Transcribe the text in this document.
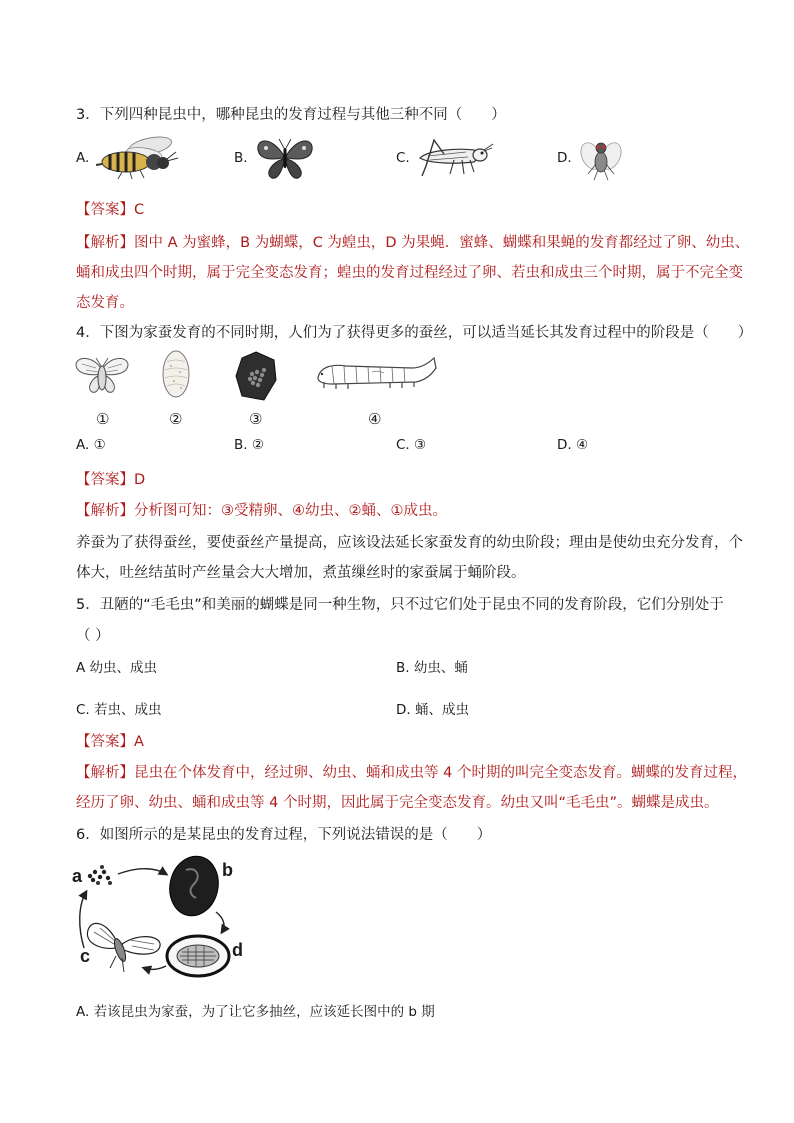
3．下列四种昆虫中，哪种昆虫的发育过程与其他三种不同（　　）
A.	B.	C.	D.
【答案】C
【解析】图中 A 为蜜蜂，B 为蝴蝶，C 为蝗虫，D 为果蝇．蜜蜂、蝴蝶和果蝇的发育都经过了卵、幼虫、
蛹和成虫四个时期，属于完全变态发育；蝗虫的发育过程经过了卵、若虫和成虫三个时期，属于不完全变
态发育。
4．下图为家蚕发育的不同时期，人们为了获得更多的蚕丝，可以适当延长其发育过程中的阶段是（　　）
①	②	③	④
A. ①	B. ②	C. ③	D. ④
【答案】D
【解析】分析图可知：③受精卵、④幼虫、②蛹、①成虫。
养蚕为了获得蚕丝，要使蚕丝产量提高，应该设法延长家蚕发育的幼虫阶段；理由是使幼虫充分发育，个
体大，吐丝结茧时产丝量会大大增加，煮茧缫丝时的家蚕属于蛹阶段。
5．丑陋的“毛毛虫”和美丽的蝴蝶是同一种生物，只不过它们处于昆虫不同的发育阶段，它们分别处于
（ ）
A 幼虫、成虫	B. 幼虫、蛹
C. 若虫、成虫	D. 蛹、成虫
【答案】A
【解析】昆虫在个体发育中，经过卵、幼虫、蛹和成虫等 4 个时期的叫完全变态发育。蝴蝶的发育过程，
经历了卵、幼虫、蛹和成虫等 4 个时期，因此属于完全变态发育。幼虫又叫“毛毛虫”。蝴蝶是成虫。
6．如图所示的是某昆虫的发育过程，下列说法错误的是（　　）
a	b
c	d
A. 若该昆虫为家蚕，为了让它多抽丝，应该延长图中的 b 期
